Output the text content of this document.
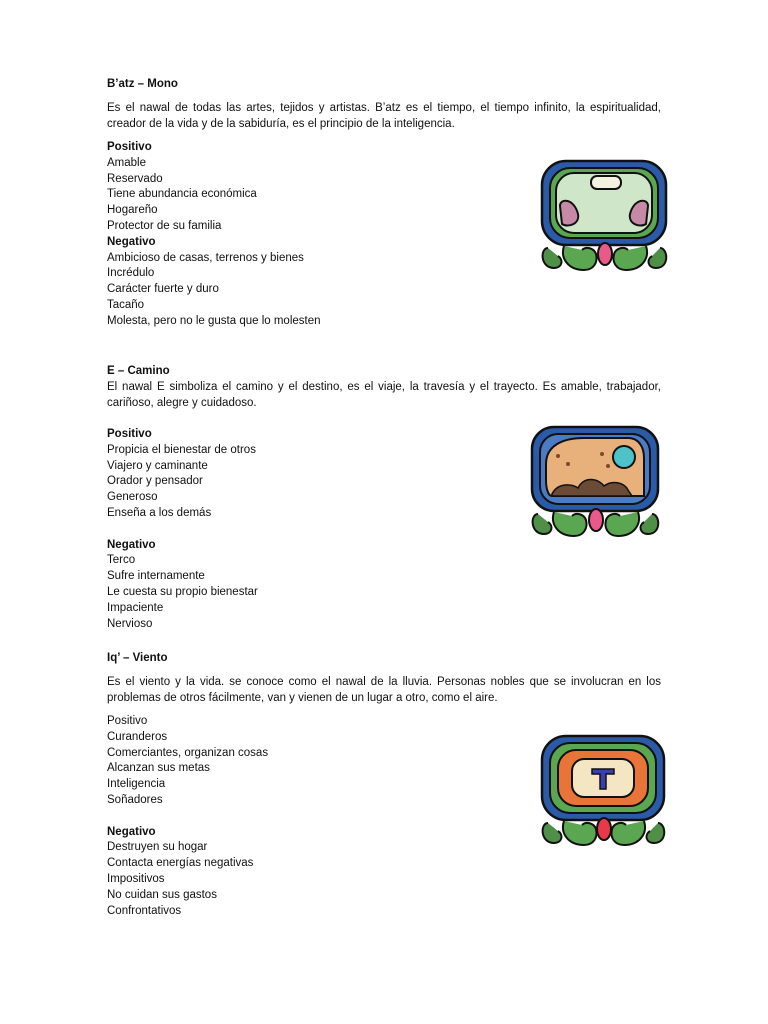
B’atz – Mono

Es el nawal de todas las artes, tejidos y artistas. B’atz es el tiempo, el tiempo infinito, la espiritualidad, creador de la vida y de la sabiduría, es el principio de la inteligencia.

Positivo
Amable
Reservado
Tiene abundancia económica
Hogareño
Protector de su familia
Negativo
Ambicioso de casas, terrenos y bienes
Incrédulo
Carácter fuerte y duro
Tacaño
Molesta, pero no le gusta que lo molesten

E – Camino

El nawal E simboliza el camino y el destino, es el viaje, la travesía y el trayecto. Es amable, trabajador, cariñoso, alegre y cuidadoso.

Positivo
Propicia el bienestar de otros
Viajero y caminante
Orador y pensador
Generoso
Enseña a los demás
Negativo
Terco
Sufre internamente
Le cuesta su propio bienestar
Impaciente
Nervioso

Iq’ – Viento

Es el viento y la vida. se conoce como el nawal de la lluvia. Personas nobles que se involucran en los problemas de otros fácilmente, van y vienen de un lugar a otro, como el aire.

Positivo
Curanderos
Comerciantes, organizan cosas
Alcanzan sus metas
Inteligencia
Soñadores
Negativo
Destruyen su hogar
Contacta energías negativas
Impositivos
No cuidan sus gastos
Confrontativos
